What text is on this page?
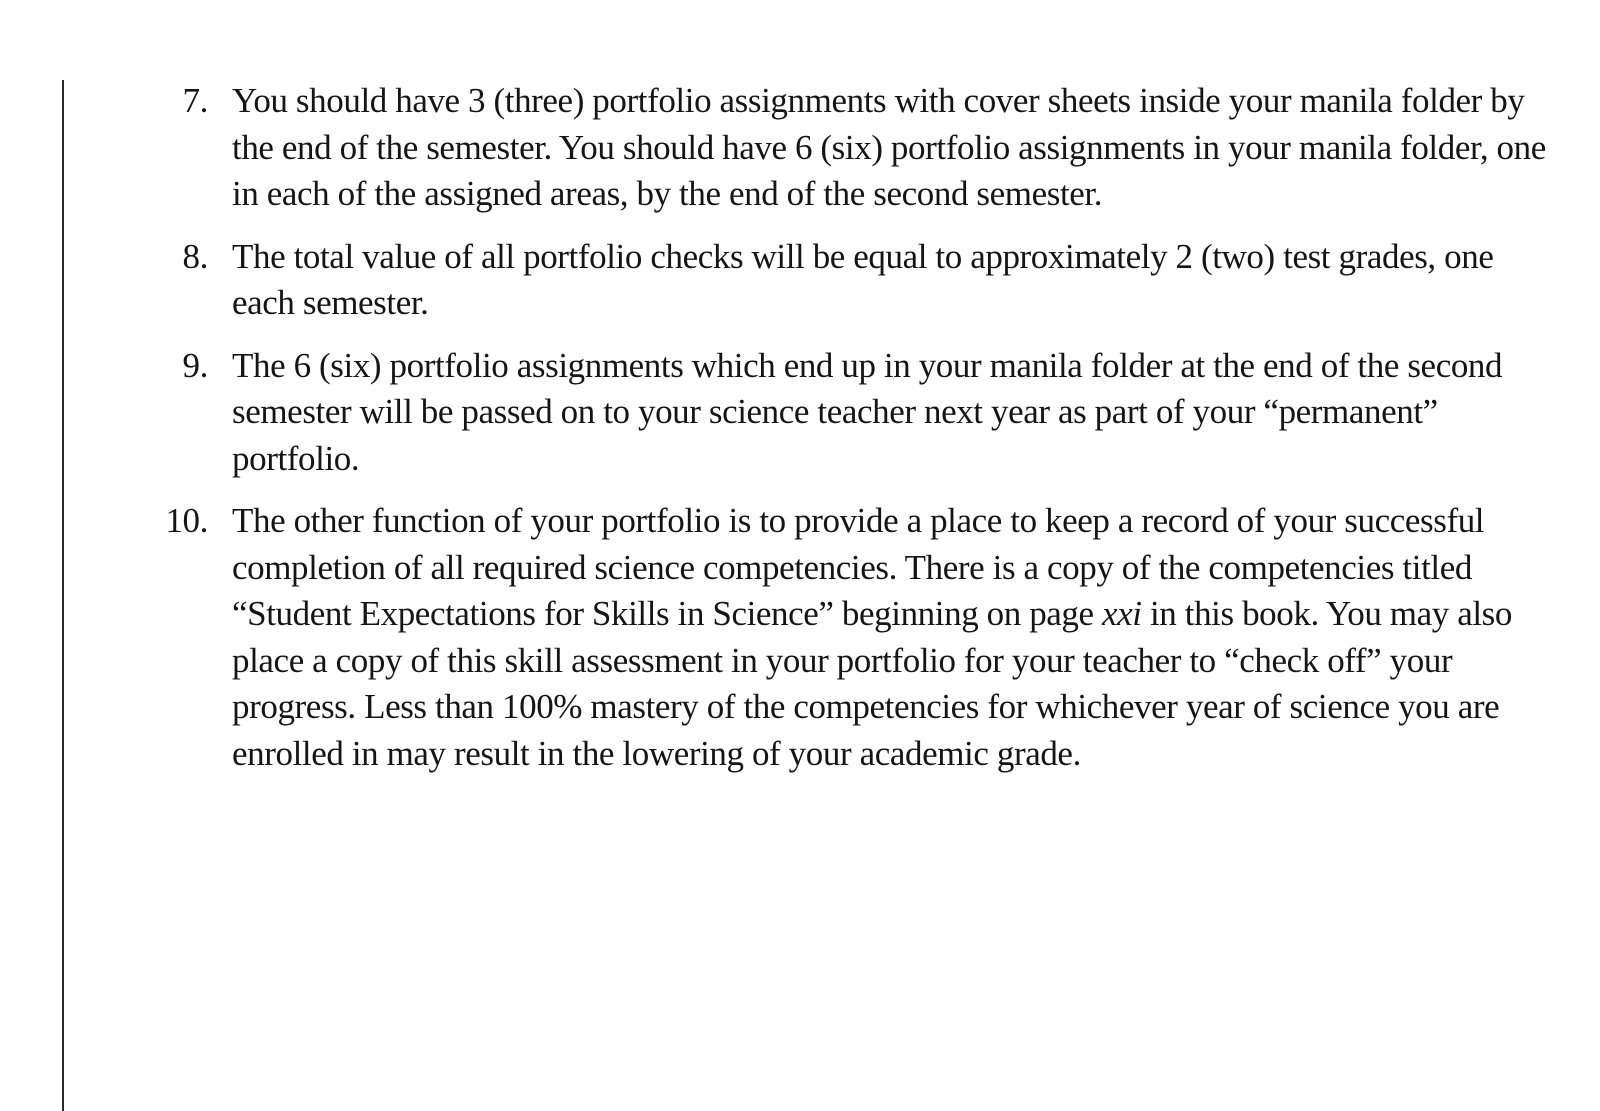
7. You should have 3 (three) portfolio assignments with cover sheets inside your manila folder by the end of the semester. You should have 6 (six) portfolio assignments in your manila folder, one in each of the assigned areas, by the end of the second semester.
8. The total value of all portfolio checks will be equal to approximately 2 (two) test grades, one each semester.
9. The 6 (six) portfolio assignments which end up in your manila folder at the end of the second semester will be passed on to your science teacher next year as part of your “permanent” portfolio.
10. The other function of your portfolio is to provide a place to keep a record of your successful completion of all required science competencies. There is a copy of the competencies titled “Student Expectations for Skills in Science” beginning on page xxi in this book. You may also place a copy of this skill assessment in your portfolio for your teacher to “check off” your progress. Less than 100% mastery of the competencies for whichever year of science you are enrolled in may result in the lowering of your academic grade.
